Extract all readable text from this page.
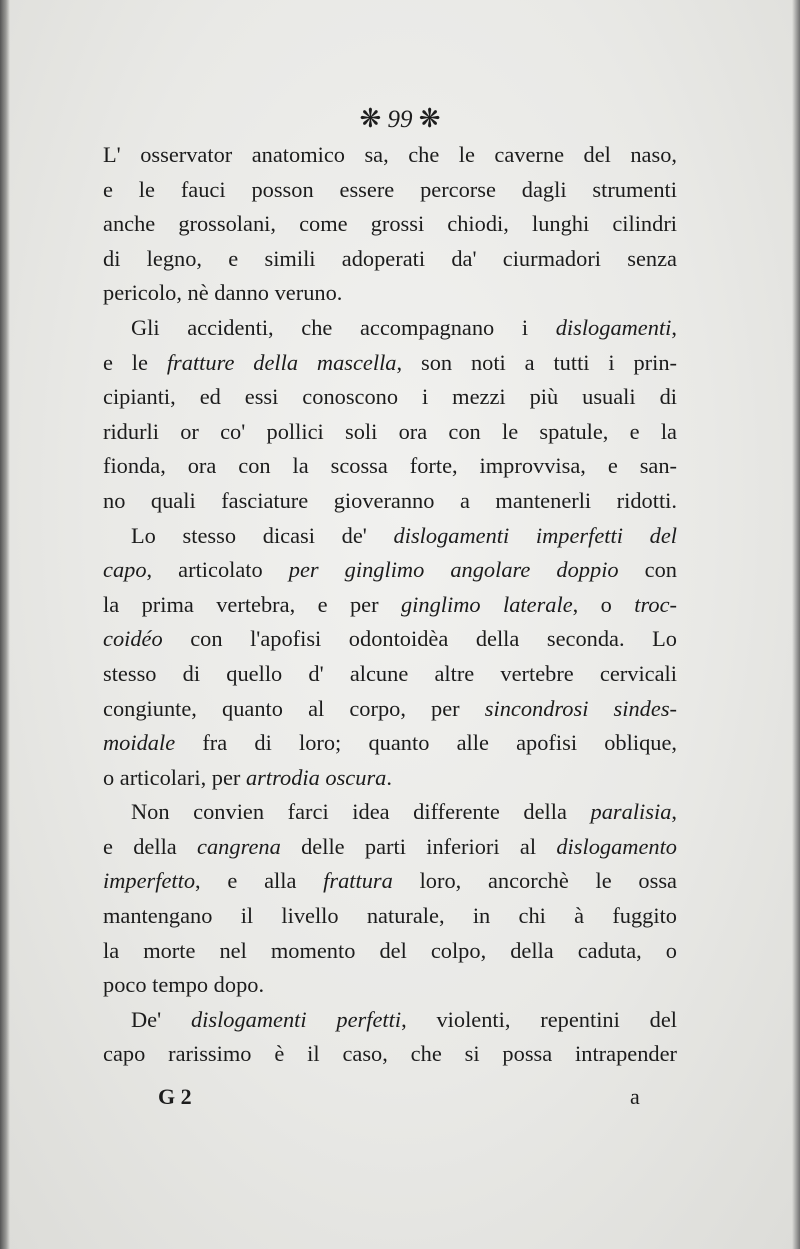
❋ 99 ❋
L' osservator anatomico sa, che le caverne del naso,
e le fauci posson essere percorse dagli strumenti
anche grossolani, come grossi chiodi, lunghi cilindri
di legno, e simili adoperati da' ciurmadori senza
pericolo, nè danno veruno.
Gli accidenti, che accompagnano i dislogamenti,
e le fratture della mascella, son noti a tutti i prin-
cipianti, ed essi conoscono i mezzi più usuali di
ridurli or co' pollici soli ora con le spatule, e la
fionda, ora con la scossa forte, improvvisa, e san-
no quali fasciature gioveranno a mantenerli ridotti.
Lo stesso dicasi de' dislogamenti imperfetti del
capo, articolato per ginglimo angolare doppio con
la prima vertebra, e per ginglimo laterale, o troc-
coidéo con l'apofisi odontoidèa della seconda. Lo
stesso di quello d' alcune altre vertebre cervicali
congiunte, quanto al corpo, per sincondrosi sindes-
moidale fra di loro; quanto alle apofisi oblique,
o articolari, per artrodia oscura.
Non convien farci idea differente della paralisia,
e della cangrena delle parti inferiori al dislogamento
imperfetto, e alla frattura loro, ancorchè le ossa
mantengano il livello naturale, in chi à fuggito
la morte nel momento del colpo, della caduta, o
poco tempo dopo.
De' dislogamenti perfetti, violenti, repentini del
capo rarissimo è il caso, che si possa intrapender
G 2	a
